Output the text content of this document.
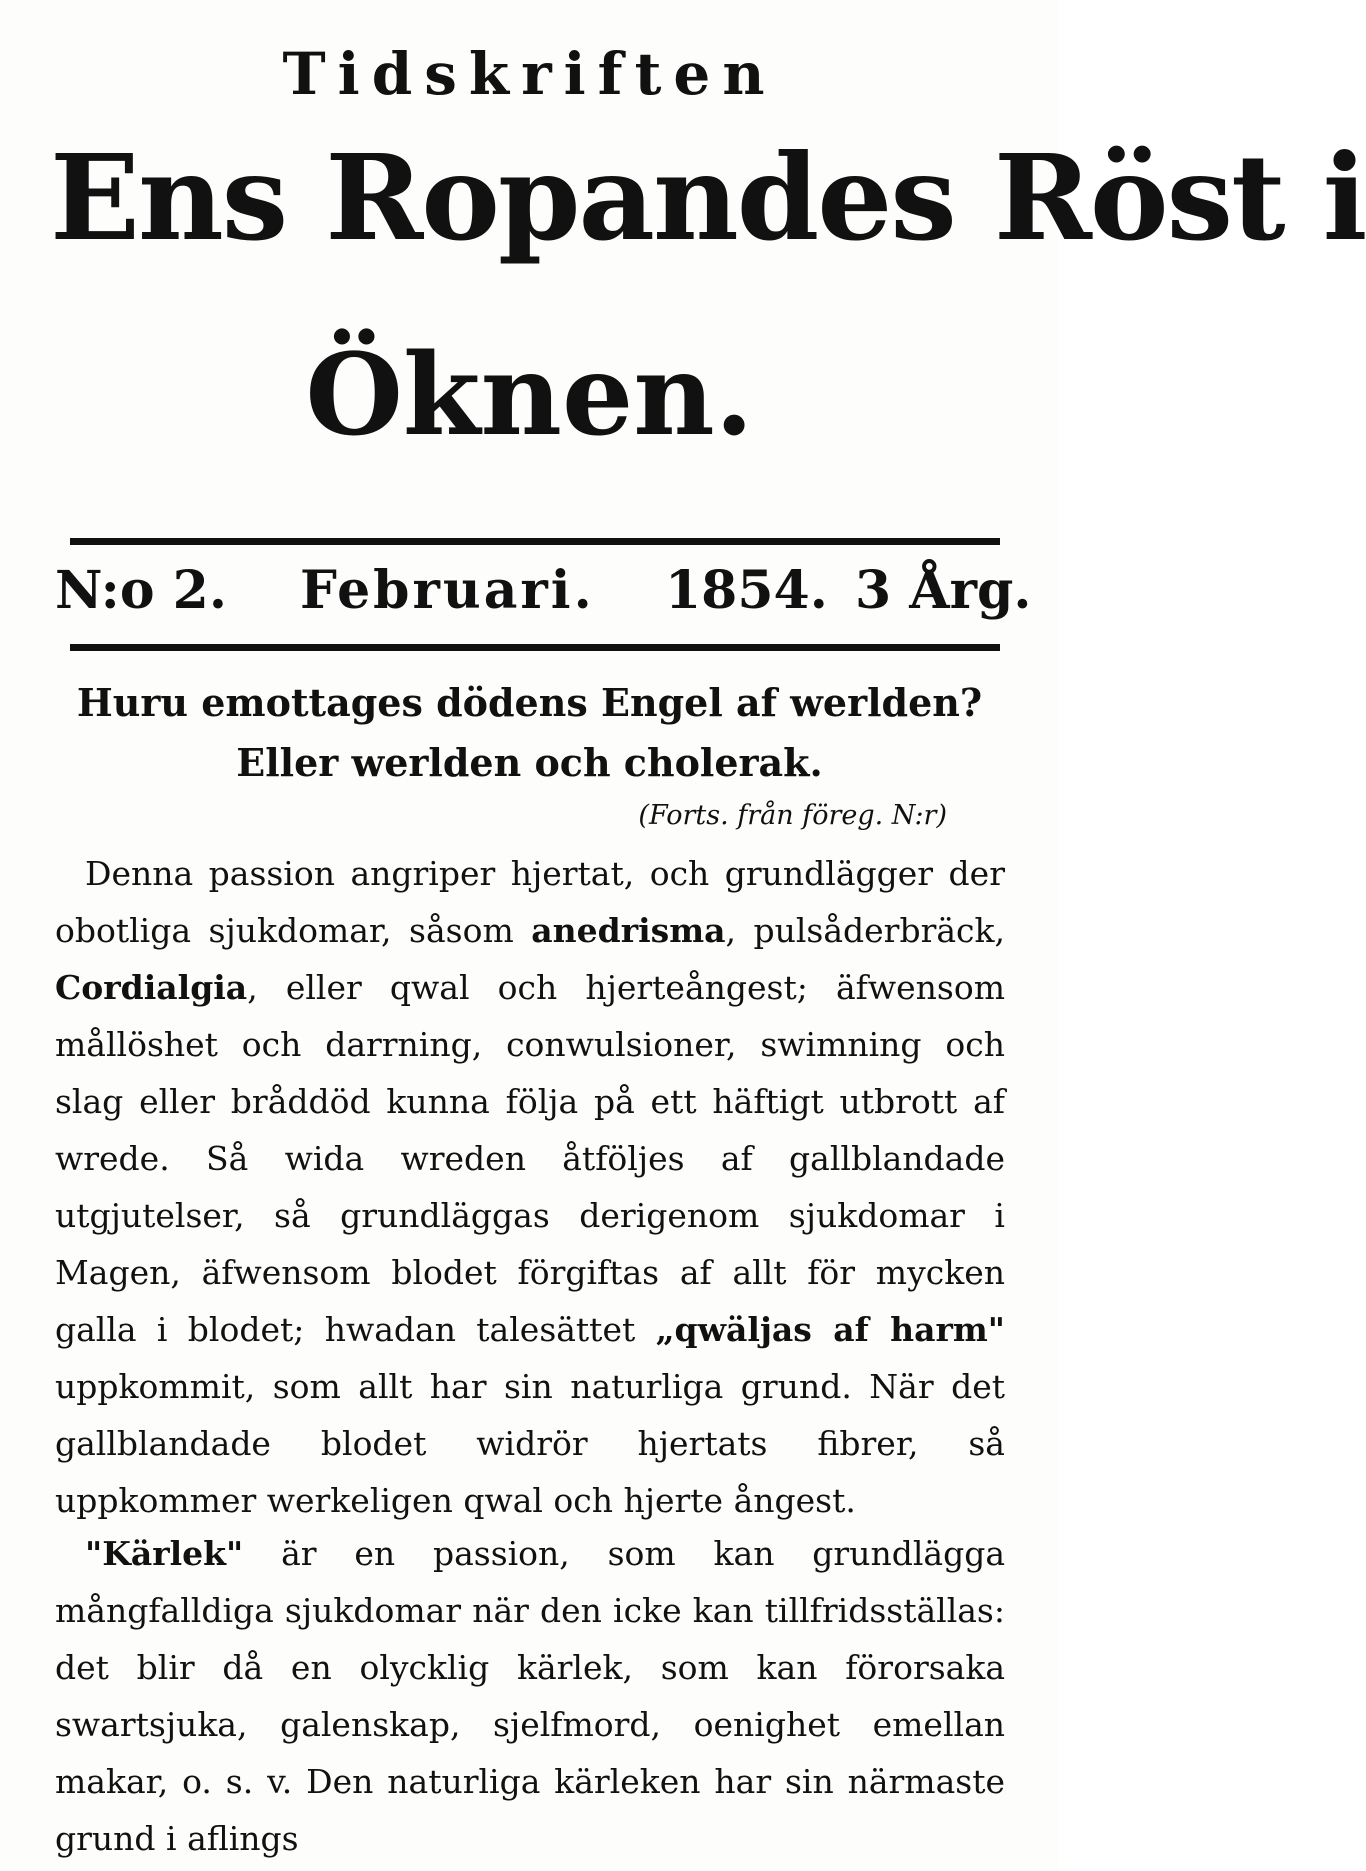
Tidskriften
Ens Ropandes Röst i
Öknen.
N:o 2. Februari. 1854. 3 Årg.
Huru emottages dödens Engel af werlden?
Eller werlden och cholerak.
(Forts. från föreg. N:r)

Denna passion angriper hjertat, och grundlägger der obotliga sjukdomar, såsom anedrisma, pulsåderbräck, Cordialgia, eller qwal och hjerteångest; äfwensom mållöshet och darrning, conwulsioner, swimning och slag eller bråddöd kunna följa på ett häftigt utbrott af wrede. Så wida wreden åtföljes af gallblandade utgjutelser, så grundläggas derigenom sjukdomar i Magen, äfwensom blodet förgiftas af allt för mycken galla i blodet; hwadan talesättet „qwäljas af harm" uppkommit, som allt har sin naturliga grund. När det gallblandade blodet widrör hjertats fibrer, så uppkommer werkeligen qwal och hjerte ångest.

"Kärlek" är en passion, som kan grundlägga mångfalldiga sjukdomar när den icke kan tillfridsställas: det blir då en olycklig kärlek, som kan förorsaka swartsjuka, galenskap, sjelfmord, oenighet emellan makar, o. s. v. Den naturliga kärleken har sin närmaste grund i aflings
